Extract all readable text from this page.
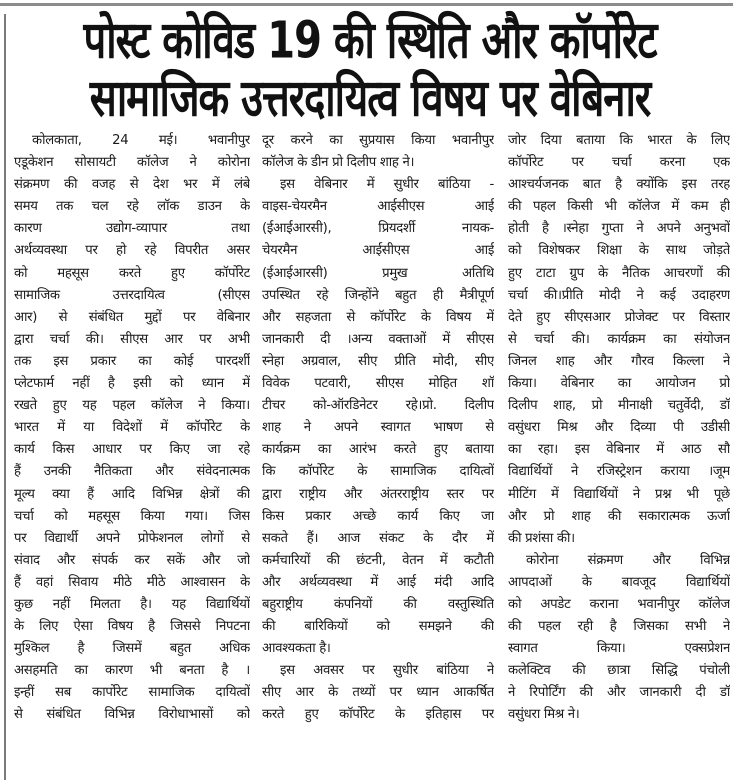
पोस्ट कोविड 19 की स्थिति और कॉर्पोरेट
सामाजिक उत्तरदायित्व विषय पर वेबिनार
कोलकाता, 24 मई। भवानीपुर
एडूकेशन सोसायटी कॉलेज ने कोरोना
संक्रमण की वजह से देश भर में लंबे
समय तक चल रहे लॉक डाउन के
कारण उद्योग-व्यापार तथा
अर्थव्यवस्था पर हो रहे विपरीत असर
को महसूस करते हुए कॉर्पोरेट
सामाजिक उत्तरदायित्व (सीएस
आर) से संबंधित मुद्दों पर वेबिनार
द्वारा चर्चा की। सीएस आर पर अभी
तक इस प्रकार का कोई पारदर्शी
प्लेटफार्म नहीं है इसी को ध्यान में
रखते हुए यह पहल कॉलेज ने किया।
भारत में या विदेशों में कॉर्पोरेट के
कार्य किस आधार पर किए जा रहे
हैं उनकी नैतिकता और संवेदनात्मक
मूल्य क्या हैं आदि विभिन्न क्षेत्रों की
चर्चा को महसूस किया गया। जिस
पर विद्यार्थी अपने प्रोफेशनल लोगों से
संवाद और संपर्क कर सकें और जो
हैं वहां सिवाय मीठे मीठे आश्वासन के
कुछ नहीं मिलता है। यह विद्यार्थियों
के लिए ऐसा विषय है जिससे निपटना
मुश्किल है जिसमें बहुत अधिक
असहमति का कारण भी बनता है ।
इन्हीं सब कार्पोरेट सामाजिक दायित्वों
से संबंधित विभिन्न विरोधाभासों को
दूर करने का सुप्रयास किया भवानीपुर
कॉलेज के डीन प्रो दिलीप शाह ने।
इस वेबिनार में सुधीर बांठिया -
वाइस-चेयरमैन आईसीएस आई
(ईआईआरसी), प्रियदर्शी नायक-
चेयरमैन आईसीएस आई
(ईआईआरसी) प्रमुख अतिथि
उपस्थित रहे जिन्होंने बहुत ही मैत्रीपूर्ण
और सहजता से कॉर्पोरेट के विषय में
जानकारी दी ।अन्य वक्ताओं में सीएस
स्नेहा अग्रवाल, सीए प्रीति मोदी, सीए
विवेक पटवारी, सीएस मोहित शॉ
टीचर को-ऑरडिनेटर रहे।प्रो. दिलीप
शाह ने अपने स्वागत भाषण से
कार्यक्रम का आरंभ करते हुए बताया
कि कॉर्पोरेट के सामाजिक दायित्वों
द्वारा राष्ट्रीय और अंतरराष्ट्रीय स्तर पर
किस प्रकार अच्छे कार्य किए जा
सकते हैं। आज संकट के दौर में
कर्मचारियों की छंटनी, वेतन में कटौती
और अर्थव्यवस्था में आई मंदी आदि
बहुराष्ट्रीय कंपनियों की वस्तुस्थिति
की बारिकियों को समझने की
आवश्यकता है।
इस अवसर पर सुधीर बांठिया ने
सीए आर के तथ्यों पर ध्यान आकर्षित
करते हुए कॉर्पोरेट के इतिहास पर
जोर दिया बताया कि भारत के लिए
कॉर्पोरेट पर चर्चा करना एक
आश्चर्यजनक बात है क्योंकि इस तरह
की पहल किसी भी कॉलेज में कम ही
होती है ।स्नेहा गुप्ता ने अपने अनुभवों
को विशेषकर शिक्षा के साथ जोड़ते
हुए टाटा ग्रुप के नैतिक आचरणों की
चर्चा की।प्रीति मोदी ने कई उदाहरण
देते हुए सीएसआर प्रोजेक्ट पर विस्तार
से चर्चा की। कार्यक्रम का संयोजन
जिनल शाह और गौरव किल्ला ने
किया। वेबिनार का आयोजन प्रो
दिलीप शाह, प्रो मीनाक्षी चतुर्वेदी, डॉ
वसुंधरा मिश्र और दिव्या पी उडीसी
का रहा। इस वेबिनार में आठ सौ
विद्यार्थियों ने रजिस्ट्रेशन कराया ।जूम
मीटिंग में विद्यार्थियों ने प्रश्न भी पूछे
और प्रो शाह की सकारात्मक ऊर्जा
की प्रशंसा की।
कोरोना संक्रमण और विभिन्न
आपदाओं के बावजूद विद्यार्थियों
को अपडेट कराना भवानीपुर कॉलेज
की पहल रही है जिसका सभी ने
स्वागत किया। एक्सप्रेशन
कलेक्टिव की छात्रा सिद्धि पंचोली
ने रिपोर्टिंग की और जानकारी दी डॉ
वसुंधरा मिश्र ने।
